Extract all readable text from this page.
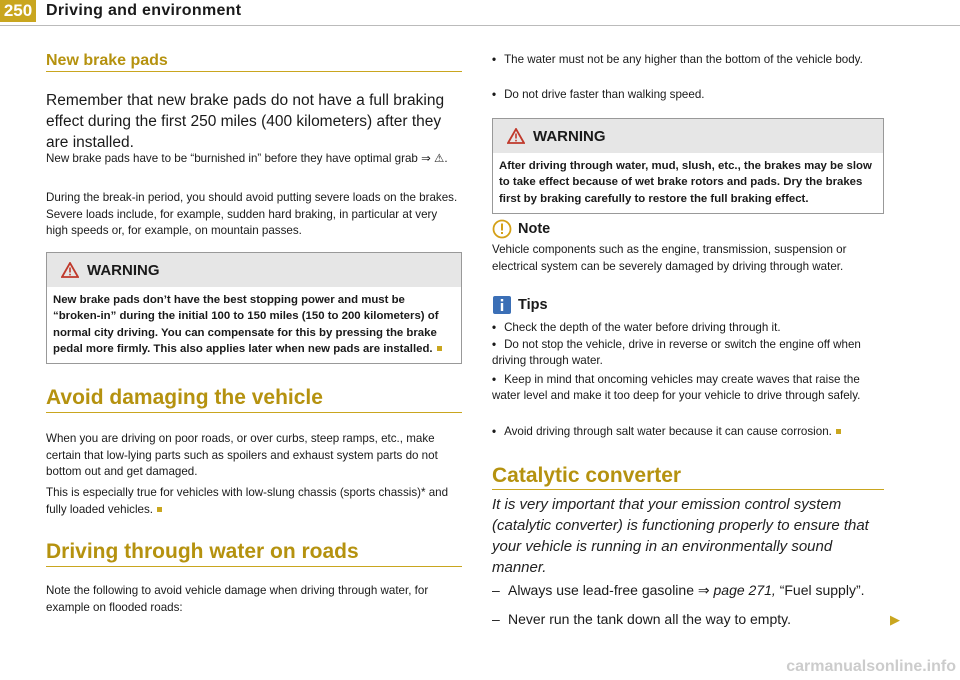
250 Driving and environment
New brake pads

Remember that new brake pads do not have a full braking effect during the first 250 miles (400 kilometers) after they are installed.

New brake pads have to be “burnished in” before they have optimal grab ⇒ ⚠.

During the break-in period, you should avoid putting severe loads on the brakes. Severe loads include, for example, sudden hard braking, in particular at very high speeds or, for example, on mountain passes.

WARNING
New brake pads don’t have the best stopping power and must be “broken-in” during the initial 100 to 150 miles (150 to 200 kilometers) of normal city driving. You can compensate for this by pressing the brake pedal more firmly. This also applies later when new pads are installed.
Avoid damaging the vehicle

When you are driving on poor roads, or over curbs, steep ramps, etc., make certain that low-lying parts such as spoilers and exhaust system parts do not bottom out and get damaged.

This is especially true for vehicles with low-slung chassis (sports chassis)* and fully loaded vehicles.

Driving through water on roads

Note the following to avoid vehicle damage when driving through water, for example on flooded roads:

• The water must not be any higher than the bottom of the vehicle body.
• Do not drive faster than walking speed.
WARNING
After driving through water, mud, slush, etc., the brakes may be slow to take effect because of wet brake rotors and pads. Dry the brakes first by braking carefully to restore the full braking effect.
Note

Vehicle components such as the engine, transmission, suspension or electrical system can be severely damaged by driving through water.

Tips
• Check the depth of the water before driving through it.
• Do not stop the vehicle, drive in reverse or switch the engine off when driving through water.
• Keep in mind that oncoming vehicles may create waves that raise the water level and make it too deep for your vehicle to drive through safely.
• Avoid driving through salt water because it can cause corrosion.
Catalytic converter

It is very important that your emission control system (catalytic converter) is functioning properly to ensure that your vehicle is running in an environmentally sound manner.

– Always use lead-free gasoline ⇒ page 271, “Fuel supply”.
– Never run the tank down all the way to empty.	▶
carmanualsonline.info
